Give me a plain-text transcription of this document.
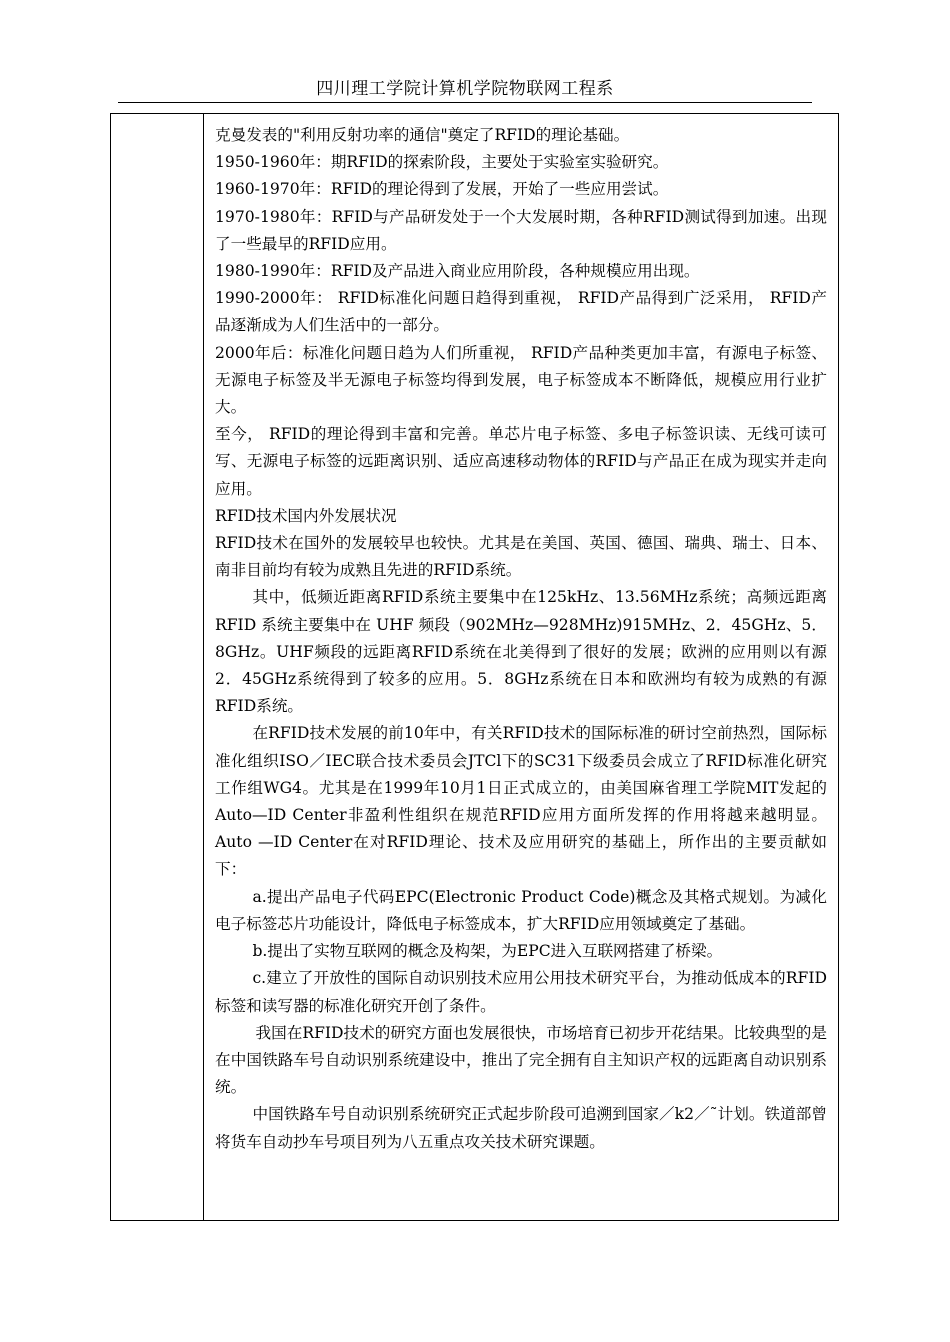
四川理工学院计算机学院物联网工程系

克曼发表的"利用反射功率的通信"奠定了RFID的理论基础。

1950-1960年：期RFID的探索阶段，主要处于实验室实验研究。

1960-1970年：RFID的理论得到了发展，开始了一些应用尝试。

1970-1980年：RFID与产品研发处于一个大发展时期，各种RFID测试得到加速。出现了一些最早的RFID应用。

1980-1990年：RFID及产品进入商业应用阶段，各种规模应用出现。

1990-2000年： RFID标准化问题日趋得到重视， RFID产品得到广泛采用， RFID产品逐渐成为人们生活中的一部分。

2000年后：标准化问题日趋为人们所重视， RFID产品种类更加丰富，有源电子标签、无源电子标签及半无源电子标签均得到发展，电子标签成本不断降低，规模应用行业扩大。

至今， RFID的理论得到丰富和完善。单芯片电子标签、多电子标签识读、无线可读可写、无源电子标签的远距离识别、适应高速移动物体的RFID与产品正在成为现实并走向应用。

RFID技术国内外发展状况

RFID技术在国外的发展较早也较快。尤其是在美国、英国、德国、瑞典、瑞士、日本、南非目前均有较为成熟且先进的RFID系统。

其中，低频近距离RFID系统主要集中在125kHz、13.56MHz系统；高频远距离 RFID 系统主要集中在 UHF 频段（902MHz—928MHz)915MHz、2．45GHz、5．8GHz。UHF频段的远距离RFID系统在北美得到了很好的发展；欧洲的应用则以有源2．45GHz系统得到了较多的应用。5．8GHz系统在日本和欧洲均有较为成熟的有源RFID系统。

在RFID技术发展的前10年中，有关RFID技术的国际标准的研讨空前热烈，国际标 准化组织ISO／IEC联合技术委员会JTCl下的SC31下级委员会成立了RFID标准化研究 工作组WG4。尤其是在1999年10月1日正式成立的，由美国麻省理工学院MIT发起的 Auto—ID Center非盈利性组织在规范RFID应用方面所发挥的作用将越来越明显。Auto —ID Center在对RFID理论、技术及应用研究的基础上，所作出的主要贡献如下：

a.提出产品电子代码EPC(Electronic Product Code)概念及其格式规划。为减化电子标签芯片功能设计，降低电子标签成本，扩大RFID应用领域奠定了基础。

b.提出了实物互联网的概念及构架，为EPC进入互联网搭建了桥梁。

c.建立了开放性的国际自动识别技术应用公用技术研究平台，为推动低成本的RFID标签和读写器的标准化研究开创了条件。

我国在RFID技术的研究方面也发展很快，市场培育已初步开花结果。比较典型的是在中国铁路车号自动识别系统建设中，推出了完全拥有自主知识产权的远距离自动识别系统。

中国铁路车号自动识别系统研究正式起步阶段可追溯到国家／k2／˜计划。铁道部曾将货车自动抄车号项目列为八五重点攻关技术研究课题。
